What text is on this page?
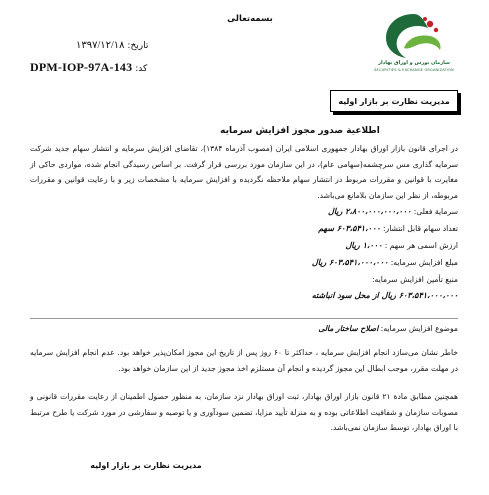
بسمه‌تعالی
تاریخ: ۱۳۹۷/۱۲/۱۸
کد: DPM-IOP-97A-143	سازمان بورس و اوراق بهادار
SECURITIES & EXCHANGE ORGANIZATION
مدیریت نظارت بر بازار اولیه
اطلاعیة صدور مجوز افزایش سرمایه
در اجرای قانون بازار اوراق بهادار جمهوری اسلامی ایران (مصوب آذرماه ۱۳۸۴)، تقاضای افزایش سرمایه و انتشار سهام جدید شرکت سرمایه گذاری مس سرچشمه(سهامی عام)، در این سازمان مورد بررسی قرار گرفت. بر اساس رسیدگی انجام شده، مواردی حاکی از مغایرت با قوانین و مقررات مربوط در انتشار سهام ملاحظه نگردیده و افزایش سرمایه با مشخصات زیر و با رعایت قوانین و مقررات مربوطه، از نظر این سازمان بلامانع می‌باشد.
سرمایة فعلی: ۲،۸۰۰،۰۰۰،۰۰۰،۰۰۰ ریال
تعداد سهام قابل انتشار: ۶۰۳،۵۴۱،۰۰۰ سهم
ارزش اسمی هر سهم : ۱،۰۰۰ ریال
مبلغ افزایش سرمایه: ۶۰۳،۵۴۱،۰۰۰،۰۰۰ ریال
منبع تأمین افزایش سرمایه:
۶۰۳،۵۴۱،۰۰۰،۰۰۰ ریال از محل سود انباشته
موضوع افزایش سرمایه: اصلاح ساختار مالی
خاطر نشان می‌سازد انجام افزایش سرمایه ، حداکثر تا ۶۰ روز پس از تاریخ این مجوز امکان‌پذیر خواهد بود. عدم انجام افزایش سرمایه در مهلت مقرر، موجب ابطال این مجوز گردیده و انجام آن مستلزم اخذ مجوز جدید از این سازمان خواهد بود.
همچنین مطابق مادة ۲۱ قانون بازار اوراق بهادار، ثبت اوراق بهادار نزد سازمان، به منظور حصول اطمینان از رعایت مقررات قانونی و مصوبات سازمان و شفافیت اطلاعاتی بوده و به منزلة تأیید مزایا، تضمین سودآوری و یا توصیه و سفارشی در مورد شرکت یا طرح مرتبط با اوراق بهادار، توسط سازمان نمی‌باشد.
مدیریت نظارت بر بازار اولیه
